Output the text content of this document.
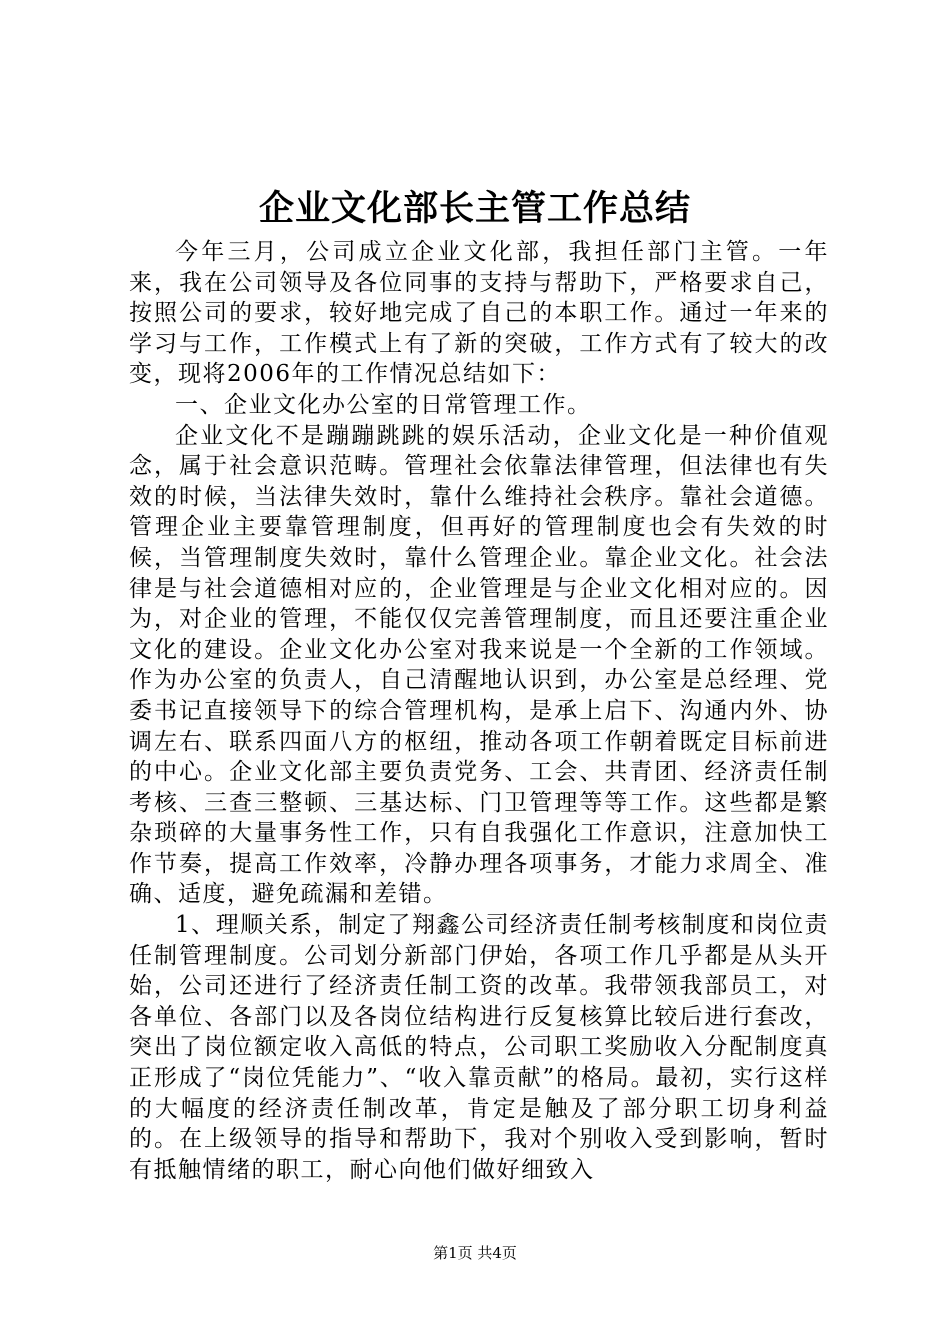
企业文化部长主管工作总结

今年三月，公司成立企业文化部，我担任部门主管。一年来，我在公司领导及各位同事的支持与帮助下，严格要求自己，按照公司的要求，较好地完成了自己的本职工作。通过一年来的学习与工作，工作模式上有了新的突破，工作方式有了较大的改变，现将2006年的工作情况总结如下：

一、企业文化办公室的日常管理工作。

企业文化不是蹦蹦跳跳的娱乐活动，企业文化是一种价值观念，属于社会意识范畴。管理社会依靠法律管理，但法律也有失效的时候，当法律失效时，靠什么维持社会秩序。靠社会道德。管理企业主要靠管理制度，但再好的管理制度也会有失效的时候，当管理制度失效时，靠什么管理企业。靠企业文化。社会法律是与社会道德相对应的，企业管理是与企业文化相对应的。因为，对企业的管理，不能仅仅完善管理制度，而且还要注重企业文化的建设。企业文化办公室对我来说是一个全新的工作领域。作为办公室的负责人，自己清醒地认识到，办公室是总经理、党委书记直接领导下的综合管理机构，是承上启下、沟通内外、协调左右、联系四面八方的枢纽，推动各项工作朝着既定目标前进的中心。企业文化部主要负责党务、工会、共青团、经济责任制考核、三查三整顿、三基达标、门卫管理等等工作。这些都是繁杂琐碎的大量事务性工作，只有自我强化工作意识，注意加快工作节奏，提高工作效率，冷静办理各项事务，才能力求周全、准确、适度，避免疏漏和差错。

1、理顺关系，制定了翔鑫公司经济责任制考核制度和岗位责任制管理制度。公司划分新部门伊始，各项工作几乎都是从头开始，公司还进行了经济责任制工资的改革。我带领我部员工，对各单位、各部门以及各岗位结构进行反复核算比较后进行套改，突出了岗位额定收入高低的特点，公司职工奖励收入分配制度真正形成了“岗位凭能力”、“收入靠贡献”的格局。最初，实行这样的大幅度的经济责任制改革，肯定是触及了部分职工切身利益的。在上级领导的指导和帮助下，我对个别收入受到影响，暂时有抵触情绪的职工，耐心向他们做好细致入

第1页 共4页
